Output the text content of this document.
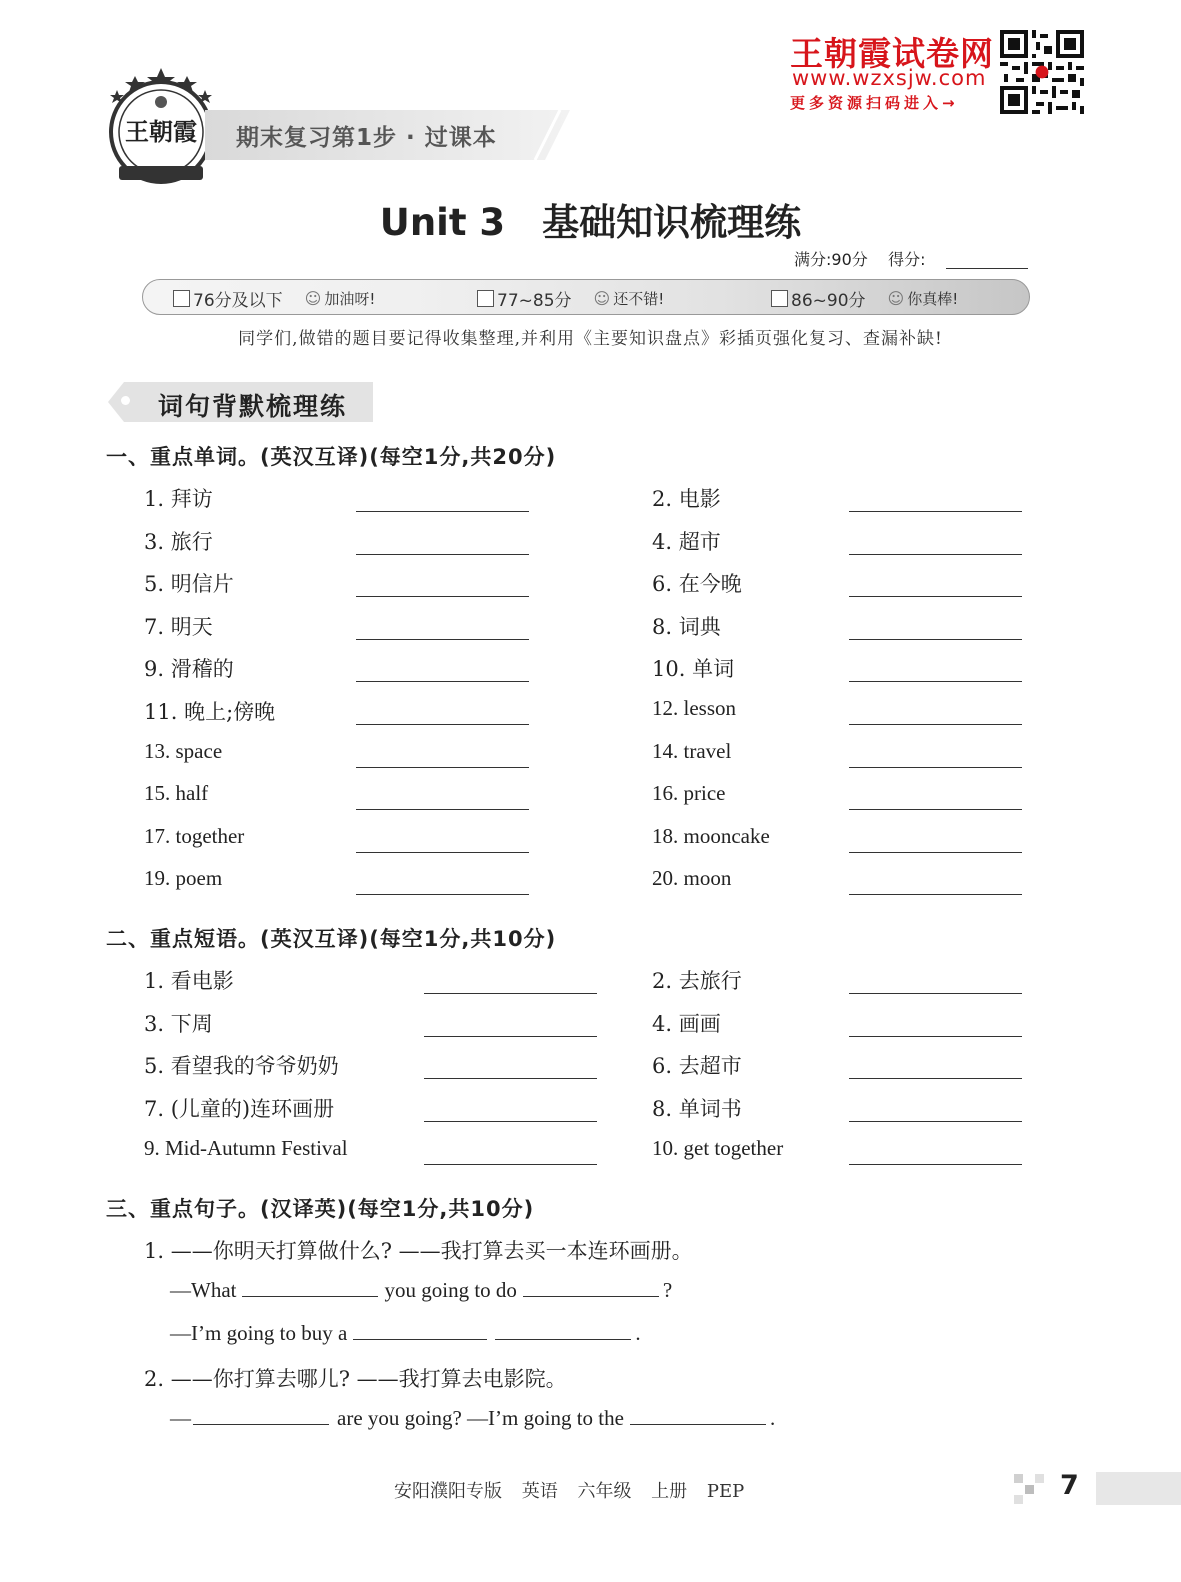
王朝霞 期末复习第1步 · 过课本
王朝霞试卷网
www.wzxsjw.com
更多资源扫码进入→
Unit 3　基础知识梳理练
满分:90分 得分:
76分及以下 ☺ 加油呀!	77~85分 ☺ 还不错!	86~90分 ☺ 你真棒!
同学们,做错的题目要记得收集整理,并利用《主要知识盘点》彩插页强化复习、查漏补缺!
词句背默梳理练
一、重点单词。(英汉互译)(每空1分,共20分)
1. 拜访	2. 电影
3. 旅行	4. 超市
5. 明信片	6. 在今晚
7. 明天	8. 词典
9. 滑稽的	10. 单词
11. 晚上;傍晚	12. lesson
13. space	14. travel
15. half	16. price
17. together	18. mooncake
19. poem	20. moon
二、重点短语。(英汉互译)(每空1分,共10分)
1. 看电影	2. 去旅行
3. 下周	4. 画画
5. 看望我的爷爷奶奶	6. 去超市
7. (儿童的)连环画册	8. 单词书
9. Mid-Autumn Festival	10. get together
三、重点句子。(汉译英)(每空1分,共10分)
1. ——你明天打算做什么? ——我打算去买一本连环画册。
—What	you going to do	?
—I’m going to buy a	.
2. ——你打算去哪儿? ——我打算去电影院。
—	are you going? —I’m going to the	.
安阳濮阳专版 英语 六年级 上册 PEP	7
